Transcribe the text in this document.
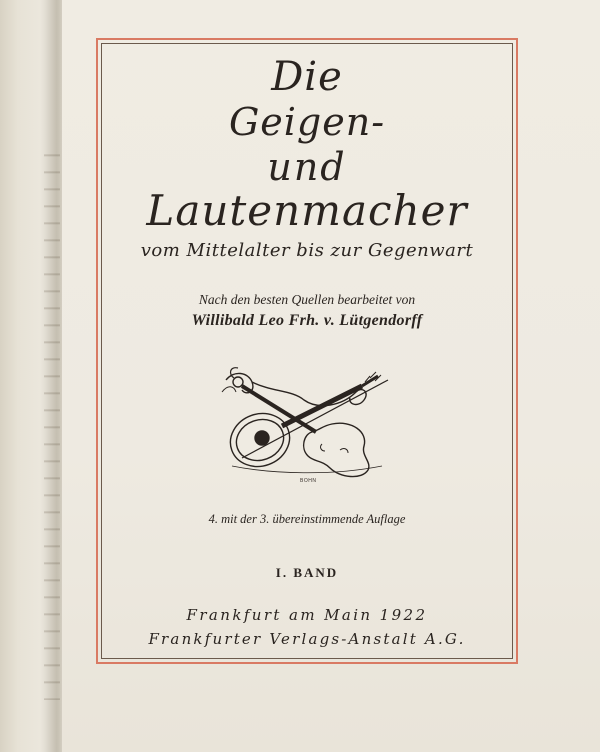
Die
Geigen-
und
Lautenmacher
vom Mittelalter bis zur Gegenwart
Nach den besten Quellen bearbeitet von
Willibald Leo Frh. v. Lütgendorff
BOHN
4. mit der 3. übereinstimmende Auflage
I. BAND
Frankfurt am Main 1922
Frankfurter Verlags-Anstalt A.G.
